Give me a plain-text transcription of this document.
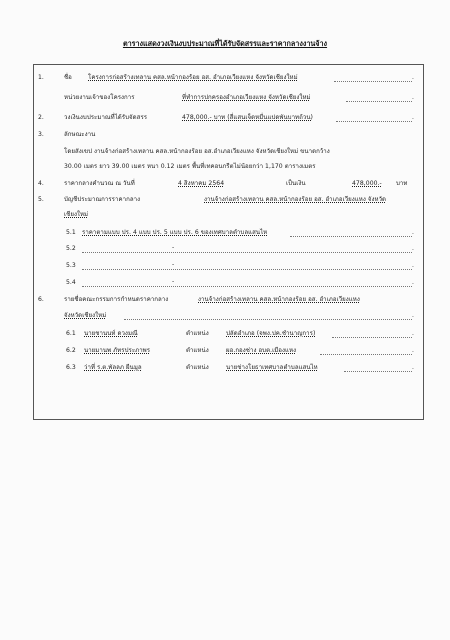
ตารางแสดงวงเงินงบประมาณที่ได้รับจัดสรรและราคากลางงานจ้าง
1.	ชื่อ	โครงการก่อสร้างเทลาน คสล.หน้ากองร้อย อส. อำเภอเวียงแหง จังหวัดเชียงใหม่	.
หน่วยงานเจ้าของโครงการ	ที่ทำการปกครองอำเภอเวียงแหง จังหวัดเชียงใหม่	.
2.	วงเงินงบประมาณที่ได้รับจัดสรร	478,000.- บาท (สี่แสนเจ็ดหมื่นแปดพันบาทถ้วน)	.
3.	ลักษณะงาน
โดยสังเขป งานจ้างก่อสร้างเทลาน คสล.หน้ากองร้อย อส.อำเภอเวียงแหง จังหวัดเชียงใหม่ ขนาดกว้าง
30.00 เมตร ยาว 39.00 เมตร หนา 0.12 เมตร พื้นที่เทคอนกรีตไม่น้อยกว่า 1,170 ตารางเมตร
4.	ราคากลางคำนวณ ณ วันที่	4 สิงหาคม 2564	เป็นเงิน	478,000.- บาท
5.	บัญชีประมาณการราคากลาง	งานจ้างก่อสร้างเทลาน คสล.หน้ากองร้อย อส. อำเภอเวียงแหง จังหวัด
เชียงใหม่
5.1 ราคาตามแบบ ปร. 4 แบบ ปร. 5 แบบ ปร. 6 ของเทศบาลตำบลแสนไห	.
5.2	-	.
5.3	-	.
5.4	-	.
6.	รายชื่อคณะกรรมการกำหนดราคากลาง	งานจ้างก่อสร้างเทลาน คสล.หน้ากองร้อย อส. อำเภอเวียงแหง
จังหวัดเชียงใหม่	.
6.1 นายชานนท์ ดวงมณี	ตำแหน่ง	ปลัดอำเภอ (จพง.ปค.ชำนาญการ)	.
6.2 นายมานพ ภัทรประภาพร	ตำแหน่ง	ผอ.กองช่าง อบต.เมืองแหง	.
6.3 ว่าที่ ร.ต.พัลลภ ผืนมูล	ตำแหน่ง	นายช่างโยธาเทศบาลตำบลแสนไห	.
